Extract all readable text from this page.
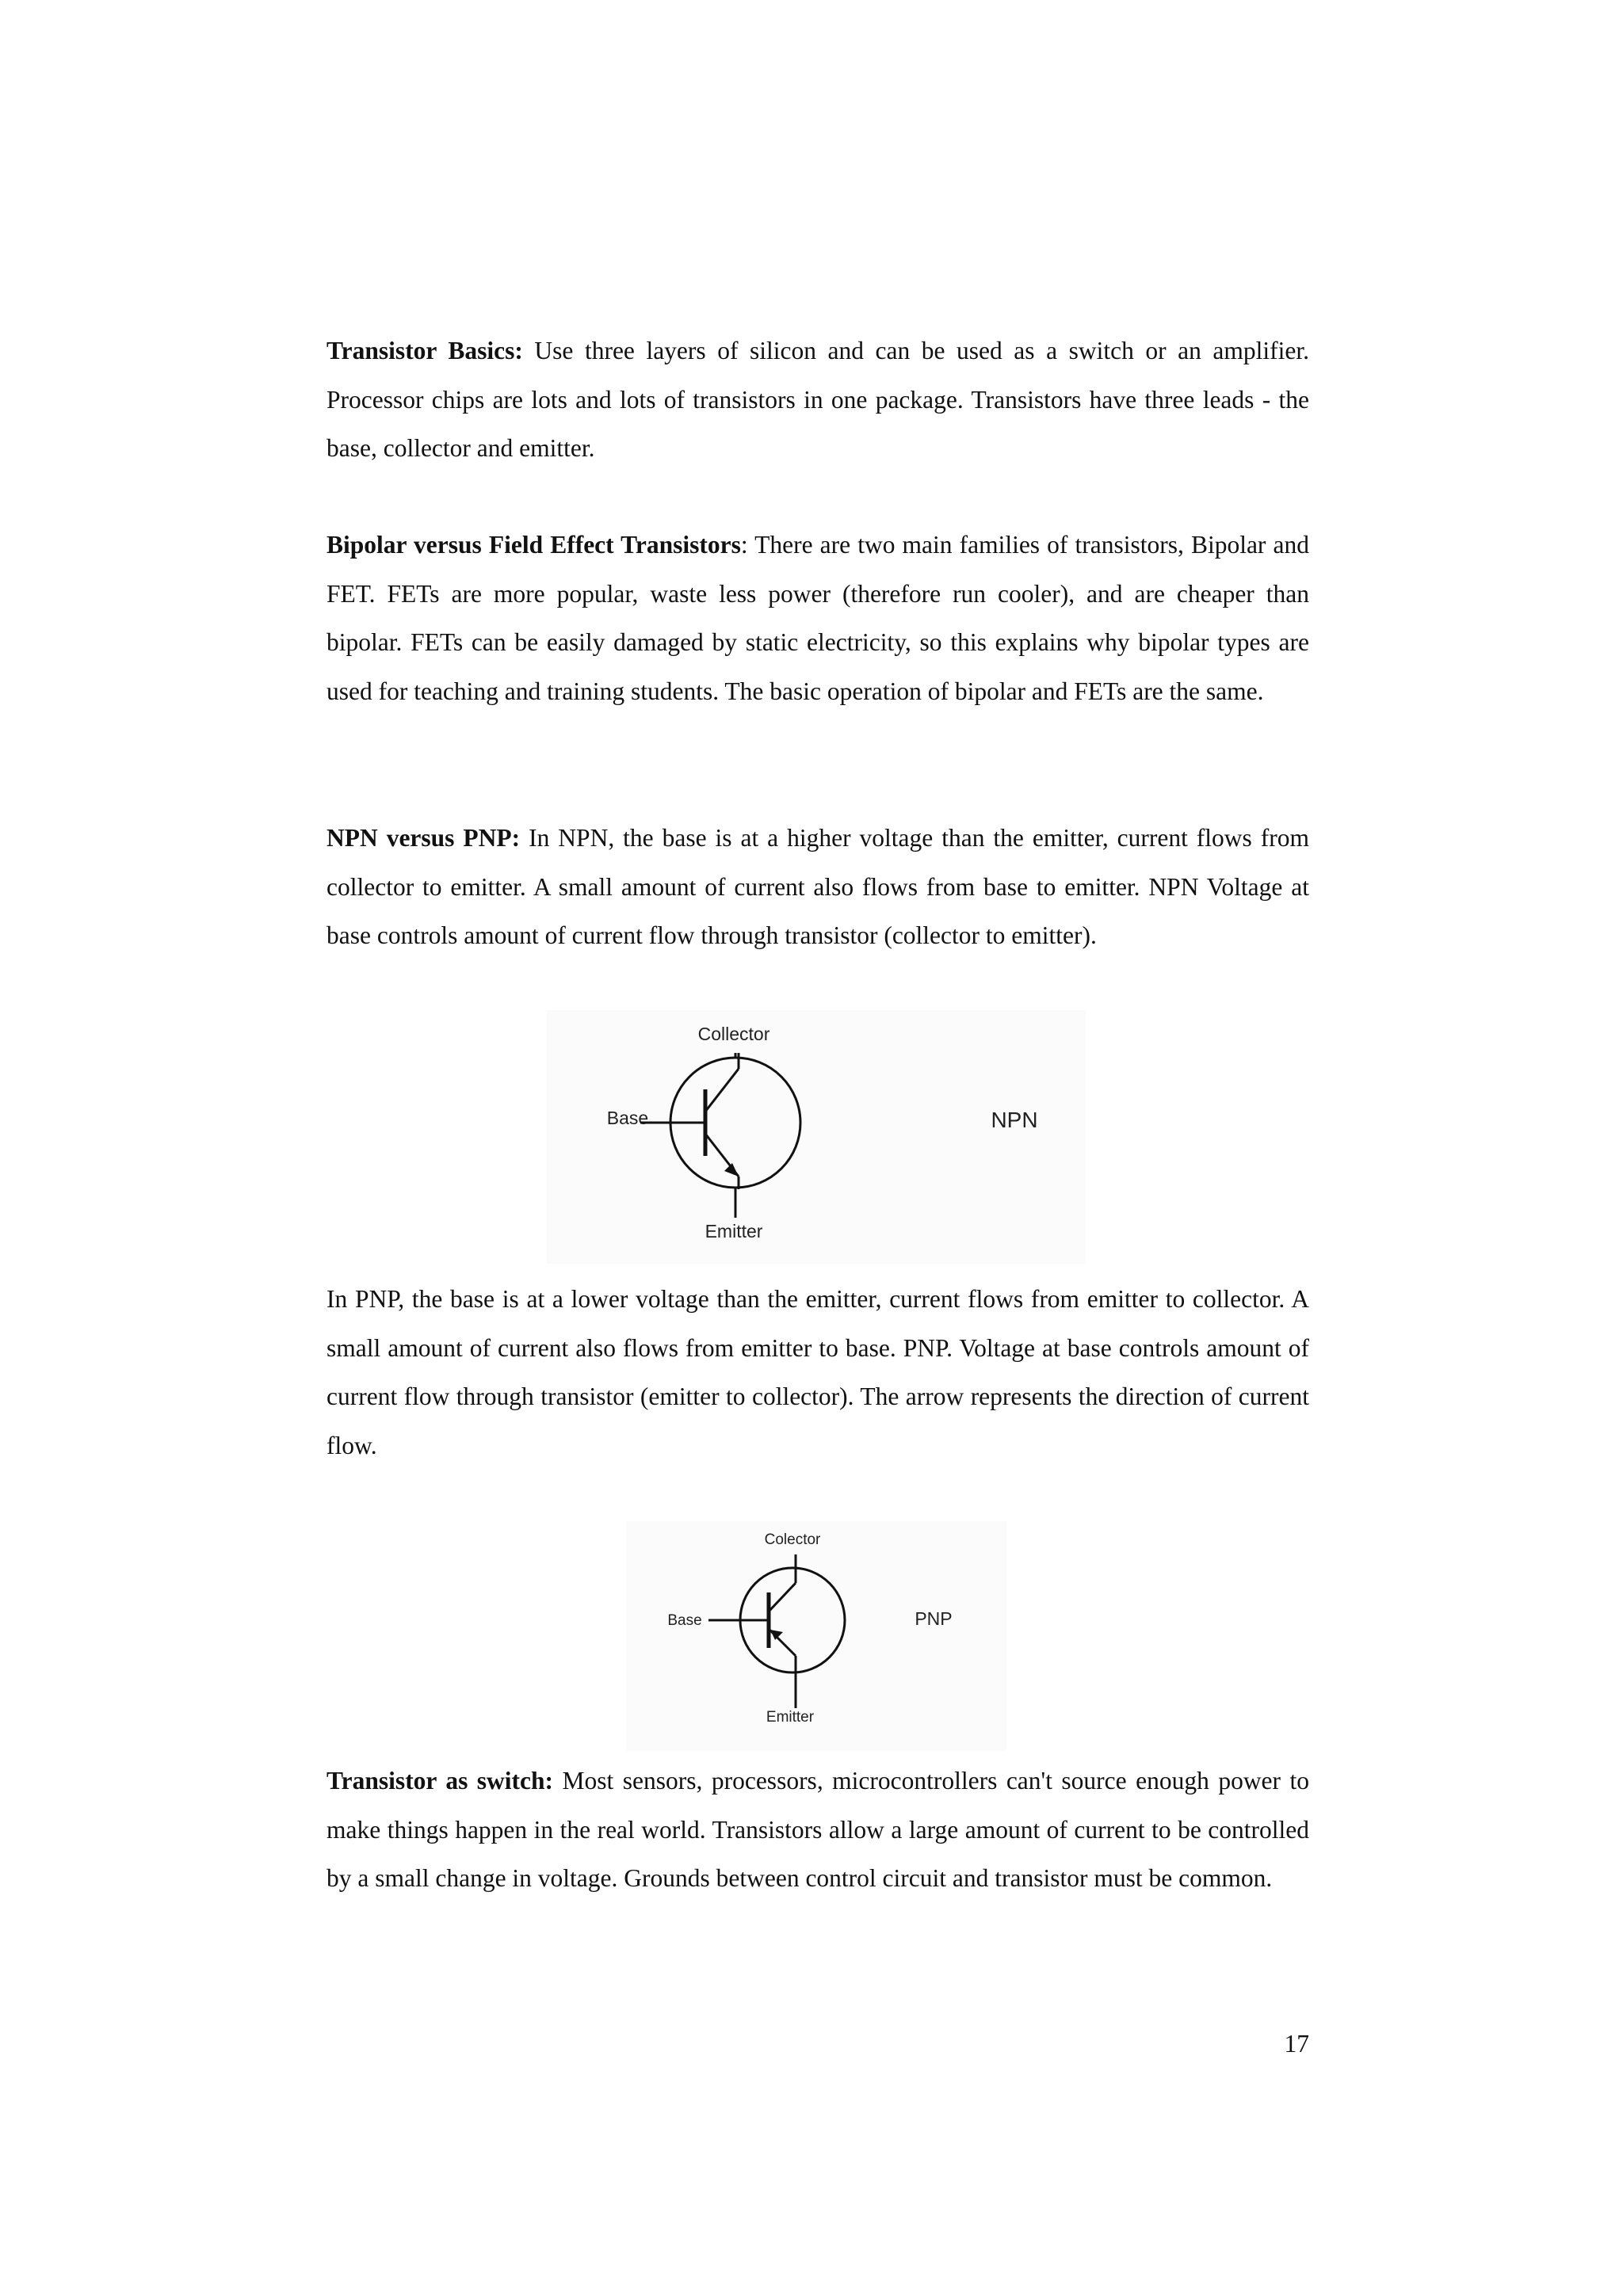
Transistor Basics: Use three layers of silicon and can be used as a switch or an amplifier. Processor chips are lots and lots of transistors in one package. Transistors have three leads - the base, collector and emitter.

Bipolar versus Field Effect Transistors: There are two main families of transistors, Bipolar and FET. FETs are more popular, waste less power (therefore run cooler), and are cheaper than bipolar. FETs can be easily damaged by static electricity, so this explains why bipolar types are used for teaching and training students. The basic operation of bipolar and FETs are the same.

NPN versus PNP: In NPN, the base is at a higher voltage than the emitter, current flows from collector to emitter. A small amount of current also flows from base to emitter. NPN Voltage at base controls amount of current flow through transistor (collector to emitter).

Collector
Base
Emitter
NPN

In PNP, the base is at a lower voltage than the emitter, current flows from emitter to collector. A small amount of current also flows from emitter to base. PNP. Voltage at base controls amount of current flow through transistor (emitter to collector). The arrow represents the direction of current flow.

Colector
Base
Emitter
PNP

Transistor as switch: Most sensors, processors, microcontrollers can't source enough power to make things happen in the real world. Transistors allow a large amount of current to be controlled by a small change in voltage. Grounds between control circuit and transistor must be common.

17
